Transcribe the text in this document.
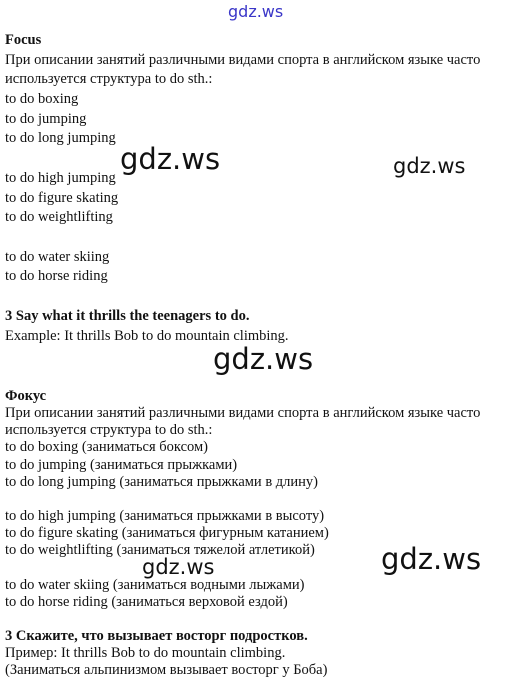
gdz.ws
Focus
При описании занятий различными видами спорта в английском языке часто
используется структура to do sth.:
to do boxing
to do jumping
to do long jumping
to do high jumping
to do figure skating
to do weightlifting
to do water skiing
to do horse riding
3 Say what it thrills the teenagers to do.
Example: It thrills Bob to do mountain climbing.
Фокус
При описании занятий различными видами спорта в английском языке часто
используется структура to do sth.:
to do boxing (заниматься боксом)
to do jumping (заниматься прыжками)
to do long jumping (заниматься прыжками в длину)
to do high jumping (заниматься прыжками в высоту)
to do figure skating (заниматься фигурным катанием)
to do weightlifting (заниматься тяжелой атлетикой)
to do water skiing (заниматься водными лыжами)
to do horse riding (заниматься верховой ездой)
3 Скажите, что вызывает восторг подростков.
Пример: It thrills Bob to do mountain climbing.
(Заниматься альпинизмом вызывает восторг у Боба)
gdz.ws	gdz.ws
gdz.ws
gdz.ws
gdz.ws
